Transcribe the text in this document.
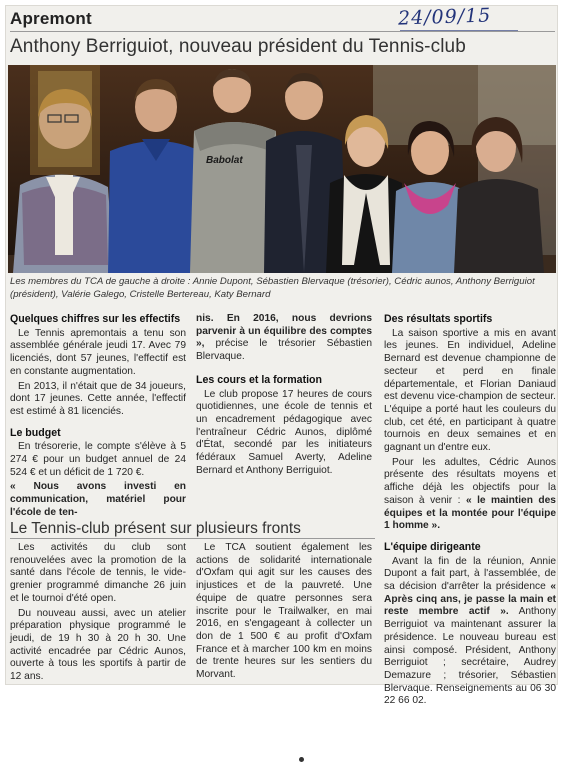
Apremont	24/09/15
Anthony Berriguiot, nouveau président du Tennis-club
Babolat
Les membres du TCA de gauche à droite : Annie Dupont, Sébastien Blervaque (trésorier), Cédric aunos, Anthony Berriguiot (président), Valérie Galego, Cristelle Bertereau, Katy Bernard

Quelques chiffres sur les effectifs

Le Tennis apremontais a tenu son assemblée générale jeudi 17. Avec 79 licenciés, dont 57 jeunes, l'effectif est en constante augmentation.

En 2013, il n'était que de 34 joueurs, dont 17 jeunes. Cette année, l'effectif est estimé à 81 licenciés.

Le budget

En trésorerie, le compte s'élève à 5 274 € pour un budget annuel de 24 524 € et un déficit de 1 720 €.

« Nous avons investi en communication, matériel pour l'école de ten-

nis. En 2016, nous devrions parvenir à un équilibre des comptes », précise le trésorier Sébastien Blervaque.

Les cours et la formation

Le club propose 17 heures de cours quotidiennes, une école de tennis et un encadrement pédagogique avec l'entraîneur Cédric Aunos, diplômé d'État, secondé par les initiateurs fédéraux Samuel Averty, Adeline Bernard et Anthony Berriguiot.

Des résultats sportifs

La saison sportive a mis en avant les jeunes. En individuel, Adeline Bernard est devenue championne de secteur et perd en finale départementale, et Florian Daniaud est devenu vice-champion de secteur. L'équipe a porté haut les couleurs du club, cet été, en participant à quatre tournois en deux semaines et en gagnant un d'entre eux.

Pour les adultes, Cédric Aunos présente des résultats moyens et affiche déjà les objectifs pour la saison à venir : « le maintien des équipes et la montée pour l'équipe 1 homme ».

L'équipe dirigeante

Avant la fin de la réunion, Annie Dupont a fait part, à l'assemblée, de sa décision d'arrêter la présidence « Après cinq ans, je passe la main et reste membre actif ». Anthony Berriguiot va maintenant assurer la présidence. Le nouveau bureau est ainsi composé. Président, Anthony Berriguiot ; secrétaire, Audrey Demazure ; trésorier, Sébastien Blervaque. Renseignements au 06 30 22 66 02.

Le Tennis-club présent sur plusieurs fronts

Les activités du club sont renouvelées avec la promotion de la santé dans l'école de tennis, le vide-grenier programmé dimanche 26 juin et le tournoi d'été open.

Du nouveau aussi, avec un atelier préparation physique programmé le jeudi, de 19 h 30 à 20 h 30. Une activité encadrée par Cédric Aunos, ouverte à tous les sportifs à partir de 12 ans.

Le TCA soutient également les actions de solidarité internationale d'Oxfam qui agit sur les causes des injustices et de la pauvreté. Une équipe de quatre personnes sera inscrite pour le Trailwalker, en mai 2016, en s'engageant à collecter un don de 1 500 € au profit d'Oxfam France et à marcher 100 km en moins de trente heures sur les sentiers du Morvant.
